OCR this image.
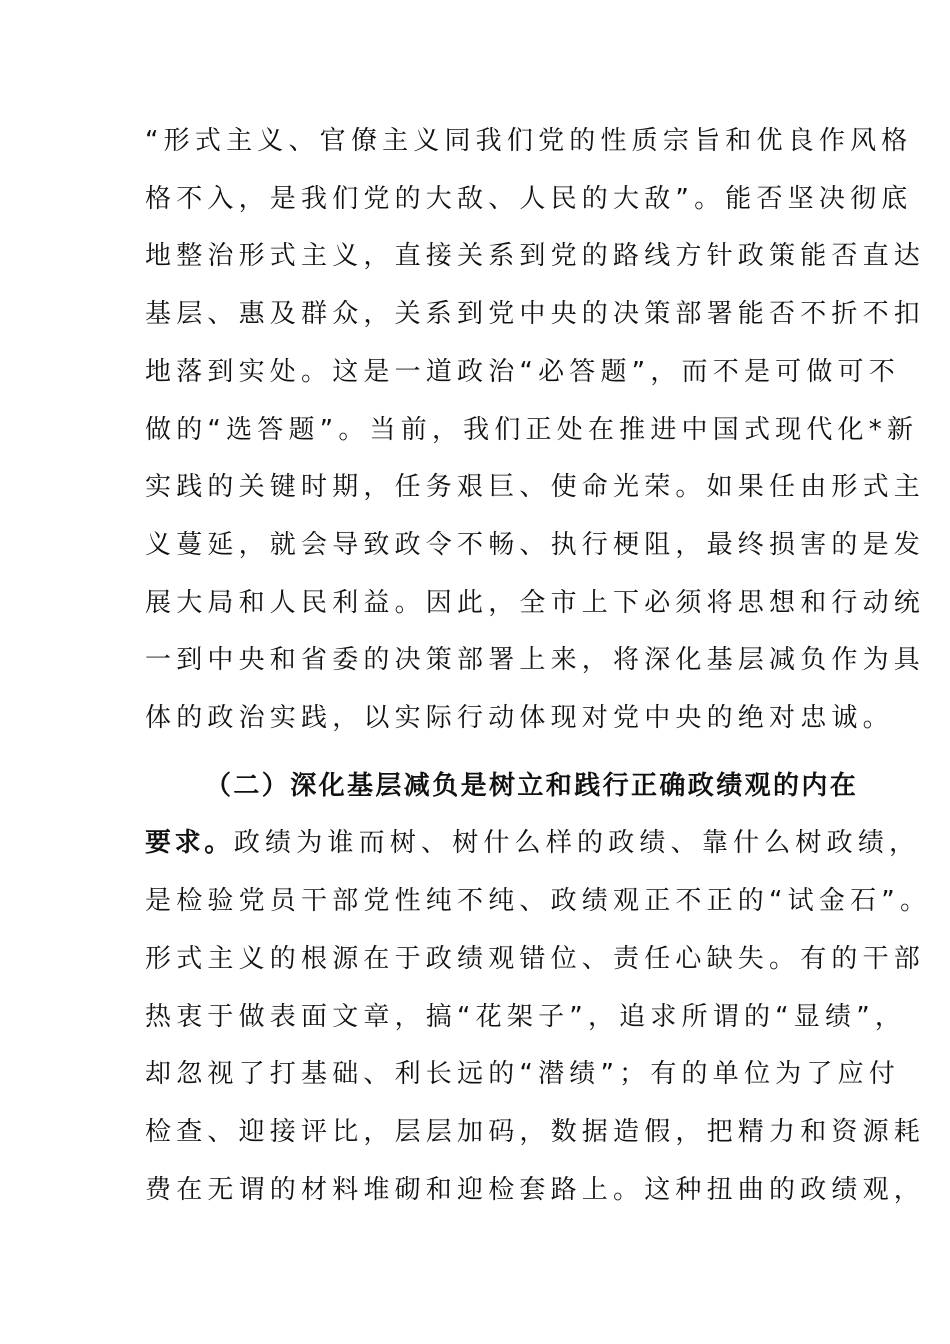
“形式主义、官僚主义同我们党的性质宗旨和优良作风格
格不入，是我们党的大敌、人民的大敌”。能否坚决彻底
地整治形式主义，直接关系到党的路线方针政策能否直达
基层、惠及群众，关系到党中央的决策部署能否不折不扣
地落到实处。这是一道政治“必答题”，而不是可做可不
做的“选答题”。当前，我们正处在推进中国式现代化*新
实践的关键时期，任务艰巨、使命光荣。如果任由形式主
义蔓延，就会导致政令不畅、执行梗阻，最终损害的是发
展大局和人民利益。因此，全市上下必须将思想和行动统
一到中央和省委的决策部署上来，将深化基层减负作为具
体的政治实践，以实际行动体现对党中央的绝对忠诚。

（二）深化基层减负是树立和践行正确政绩观的内在
要求。政绩为谁而树、树什么样的政绩、靠什么树政绩，
是检验党员干部党性纯不纯、政绩观正不正的“试金石”。
形式主义的根源在于政绩观错位、责任心缺失。有的干部
热衷于做表面文章，搞“花架子”，追求所谓的“显绩”，
却忽视了打基础、利长远的“潜绩”；有的单位为了应付
检查、迎接评比，层层加码，数据造假，把精力和资源耗
费在无谓的材料堆砌和迎检套路上。这种扭曲的政绩观，
